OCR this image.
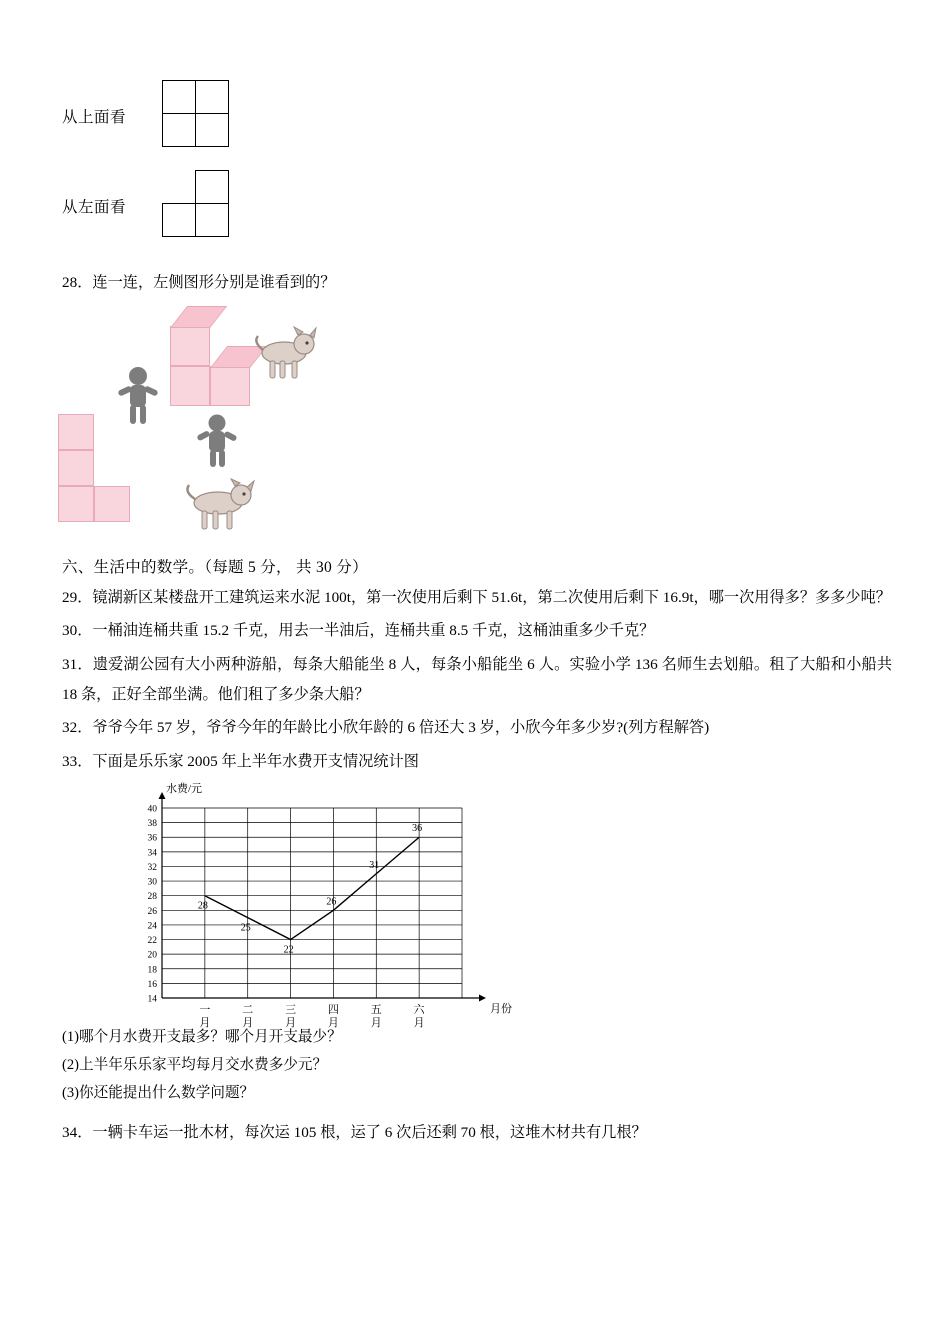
从上面看
从左面看

28．连一连，左侧图形分别是谁看到的？

六、生活中的数学。（每题 5 分， 共 30 分）

29．镜湖新区某楼盘开工建筑运来水泥 100t，第一次使用后剩下 51.6t，第二次使用后剩下 16.9t，哪一次用得多？多多少吨？

30．一桶油连桶共重 15.2 千克，用去一半油后，连桶共重 8.5 千克，这桶油重多少千克？

31．遗爱湖公园有大小两种游船，每条大船能坐 8 人，每条小船能坐 6 人。实验小学 136 名师生去划船。租了大船和小船共 18 条，正好全部坐满。他们租了多少条大船？

32．爷爷今年 57 岁，爷爷今年的年龄比小欣年龄的 6 倍还大 3 岁，小欣今年多少岁?(列方程解答)

33．下面是乐乐家 2005 年上半年水费开支情况统计图

14
16
18
20
22
24
26
28
30
32
34
36
38
40
水费/元
月份
一
月
二
月
三
月
四
月
五
月
六
月
28
25
22
26
31
36

(1)哪个月水费开支最多？哪个月开支最少？

(2)上半年乐乐家平均每月交水费多少元？

(3)你还能提出什么数学问题？

34．一辆卡车运一批木材，每次运 105 根，运了 6 次后还剩 70 根，这堆木材共有几根？
